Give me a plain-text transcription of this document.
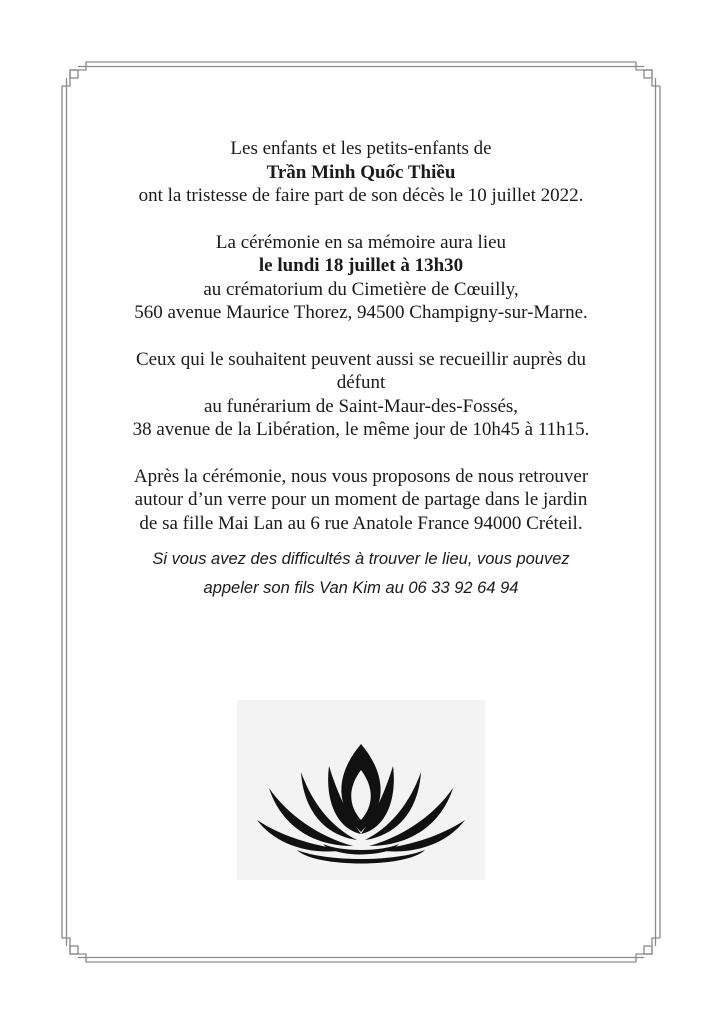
Les enfants et les petits-enfants de

Trần Minh Quốc Thiều

ont la tristesse de faire part de son décès le 10 juillet 2022.

La cérémonie en sa mémoire aura lieu

le lundi 18 juillet à 13h30

au crématorium du Cimetière de Cœuilly,

560 avenue Maurice Thorez, 94500 Champigny-sur-Marne.

Ceux qui le souhaitent peuvent aussi se recueillir auprès du

défunt

au funérarium de Saint-Maur-des-Fossés,

38 avenue de la Libération, le même jour de 10h45 à 11h15.

Après la cérémonie, nous vous proposons de nous retrouver

autour d’un verre pour un moment de partage dans le jardin

de sa fille Mai Lan au 6 rue Anatole France 94000 Créteil.

Si vous avez des difficultés à trouver le lieu, vous pouvez

appeler son fils Van Kim au 06 33 92 64 94
